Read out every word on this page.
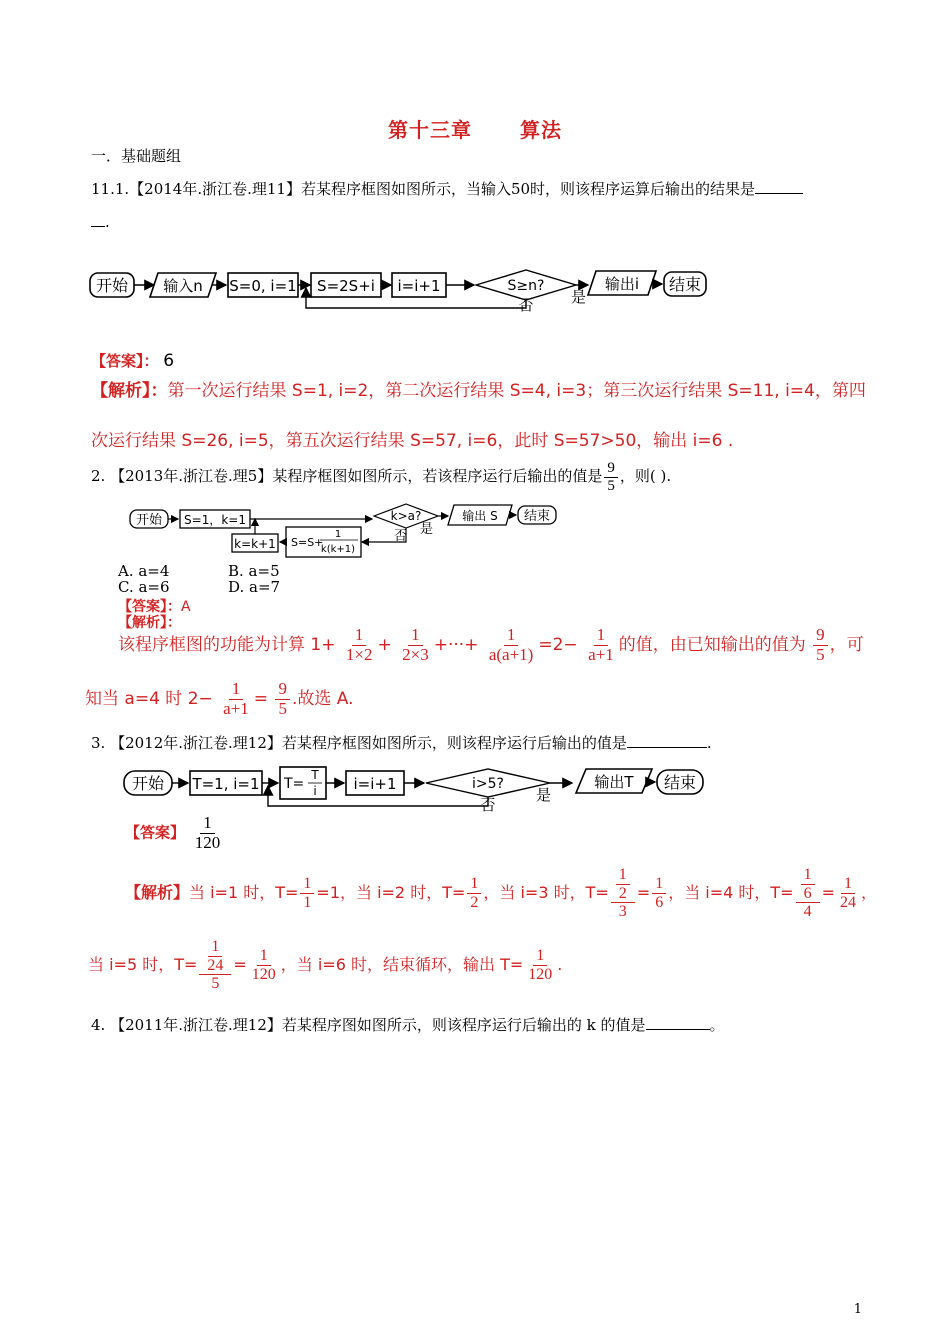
第十三章 算法
一．基础题组
11.1.【2014年.浙江卷.理11】若某程序框图如图所示，当输入50时，则该程序运算后输出的结果是
.
开始 输入n S=0, i=1 S=2S+i i=i+1	S≥n?
否 是
输出i 结束
【答案】： 6
【解析】：第一次运行结果 S=1, i=2，第二次运行结果 S=4, i=3；第三次运行结果 S=11, i=4，第四
次运行结果 S=26, i=5，第五次运行结果 S=57, i=6，此时 S=57>50，输出 i=6 .
2. 【2013年.浙江卷.理5】某程序框图如图所示，若该程序运行后输出的值是 $\frac{9}{5}$ ，则( ).
开始 S=1，k=1	k>a?
是
输出 S 结束
否
S=S+
1
k(k+1)
k=k+1
A. a=4	B. a=5
C. a=6	D. a=7
【答案】：A
【解析】：
该程序框图的功能为计算 $1+ \frac{1}{1\times 2} + \frac{1}{2\times 3}$ +···+ $\frac{1}{a(a+1)} =2- \frac{1}{a+1}$ 的值，由已知输出的值为 $\frac{9}{5}$ ，可
知当 a=4 时 $2- \frac{1}{a+1} = \frac{9}{5}$ .故选 A.
3. 【2012年.浙江卷.理12】若某程序框图如图所示，则该程序运行后输出的值是	.
开始 T=1, i=1 T=
T
i i=i+1	i>5?
否
是
输出T 结束
【答案】 $\frac{1}{120}$
【解析】当 i=1 时，$T= \frac{1}{1} =1$，当 i=2 时，$T= \frac{1}{2}$ ，当 i=3 时，$T= \frac{\frac{1}{2}}{3} = \frac{1}{6}$ ，当 i=4 时，$T= \frac{\frac{1}{6}}{4} = \frac{1}{24}$ ，
当 i=5 时，$T= \frac{\frac{1}{24}}{5} = \frac{1}{120}$ ，当 i=6 时，结束循环，输出 $T= \frac{1}{120}$ .
4. 【2011年.浙江卷.理12】若某程序图如图所示，则该程序运行后输出的 k 的值是	。
1
